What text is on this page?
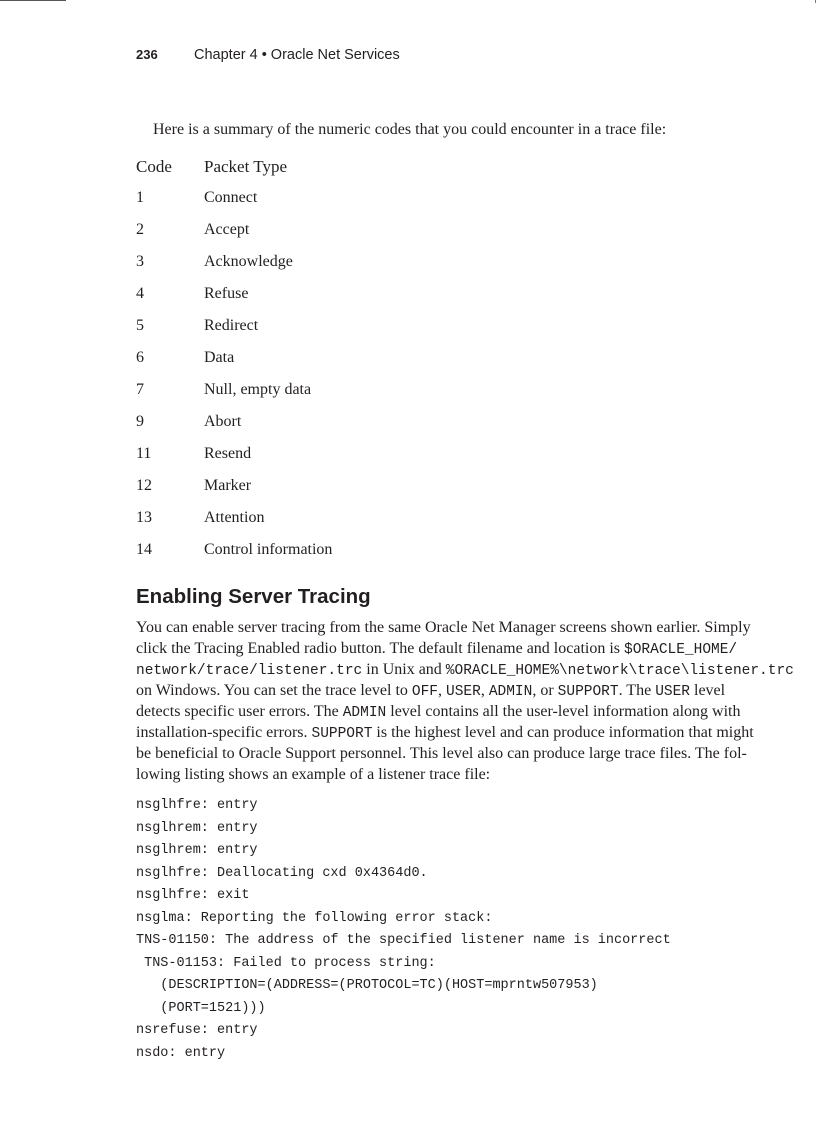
236	Chapter 4 • Oracle Net Services
Here is a summary of the numeric codes that you could encounter in a trace file:
Code Packet Type
1	Connect
2	Accept
3	Acknowledge
4	Refuse
5	Redirect
6	Data
7	Null, empty data
9	Abort
11	Resend
12	Marker
13	Attention
14	Control information
Enabling Server Tracing
You can enable server tracing from the same Oracle Net Manager screens shown earlier. Simply
click the Tracing Enabled radio button. The default filename and location is $ORACLE_HOME/
network/trace/listener.trc in Unix and %ORACLE_HOME%\network\trace\listener.trc
on Windows. You can set the trace level to OFF, USER, ADMIN, or SUPPORT. The USER level
detects specific user errors. The ADMIN level contains all the user-level information along with
installation-specific errors. SUPPORT is the highest level and can produce information that might
be beneficial to Oracle Support personnel. This level also can produce large trace files. The fol-
lowing listing shows an example of a listener trace file:
nsglhfre: entry
nsglhrem: entry
nsglhrem: entry
nsglhfre: Deallocating cxd 0x4364d0.
nsglhfre: exit
nsglma: Reporting the following error stack:
TNS-01150: The address of the specified listener name is incorrect
TNS-01153: Failed to process string:
(DESCRIPTION=(ADDRESS=(PROTOCOL=TC)(HOST=mprntw507953)
(PORT=1521)))
nsrefuse: entry
nsdo: entry
